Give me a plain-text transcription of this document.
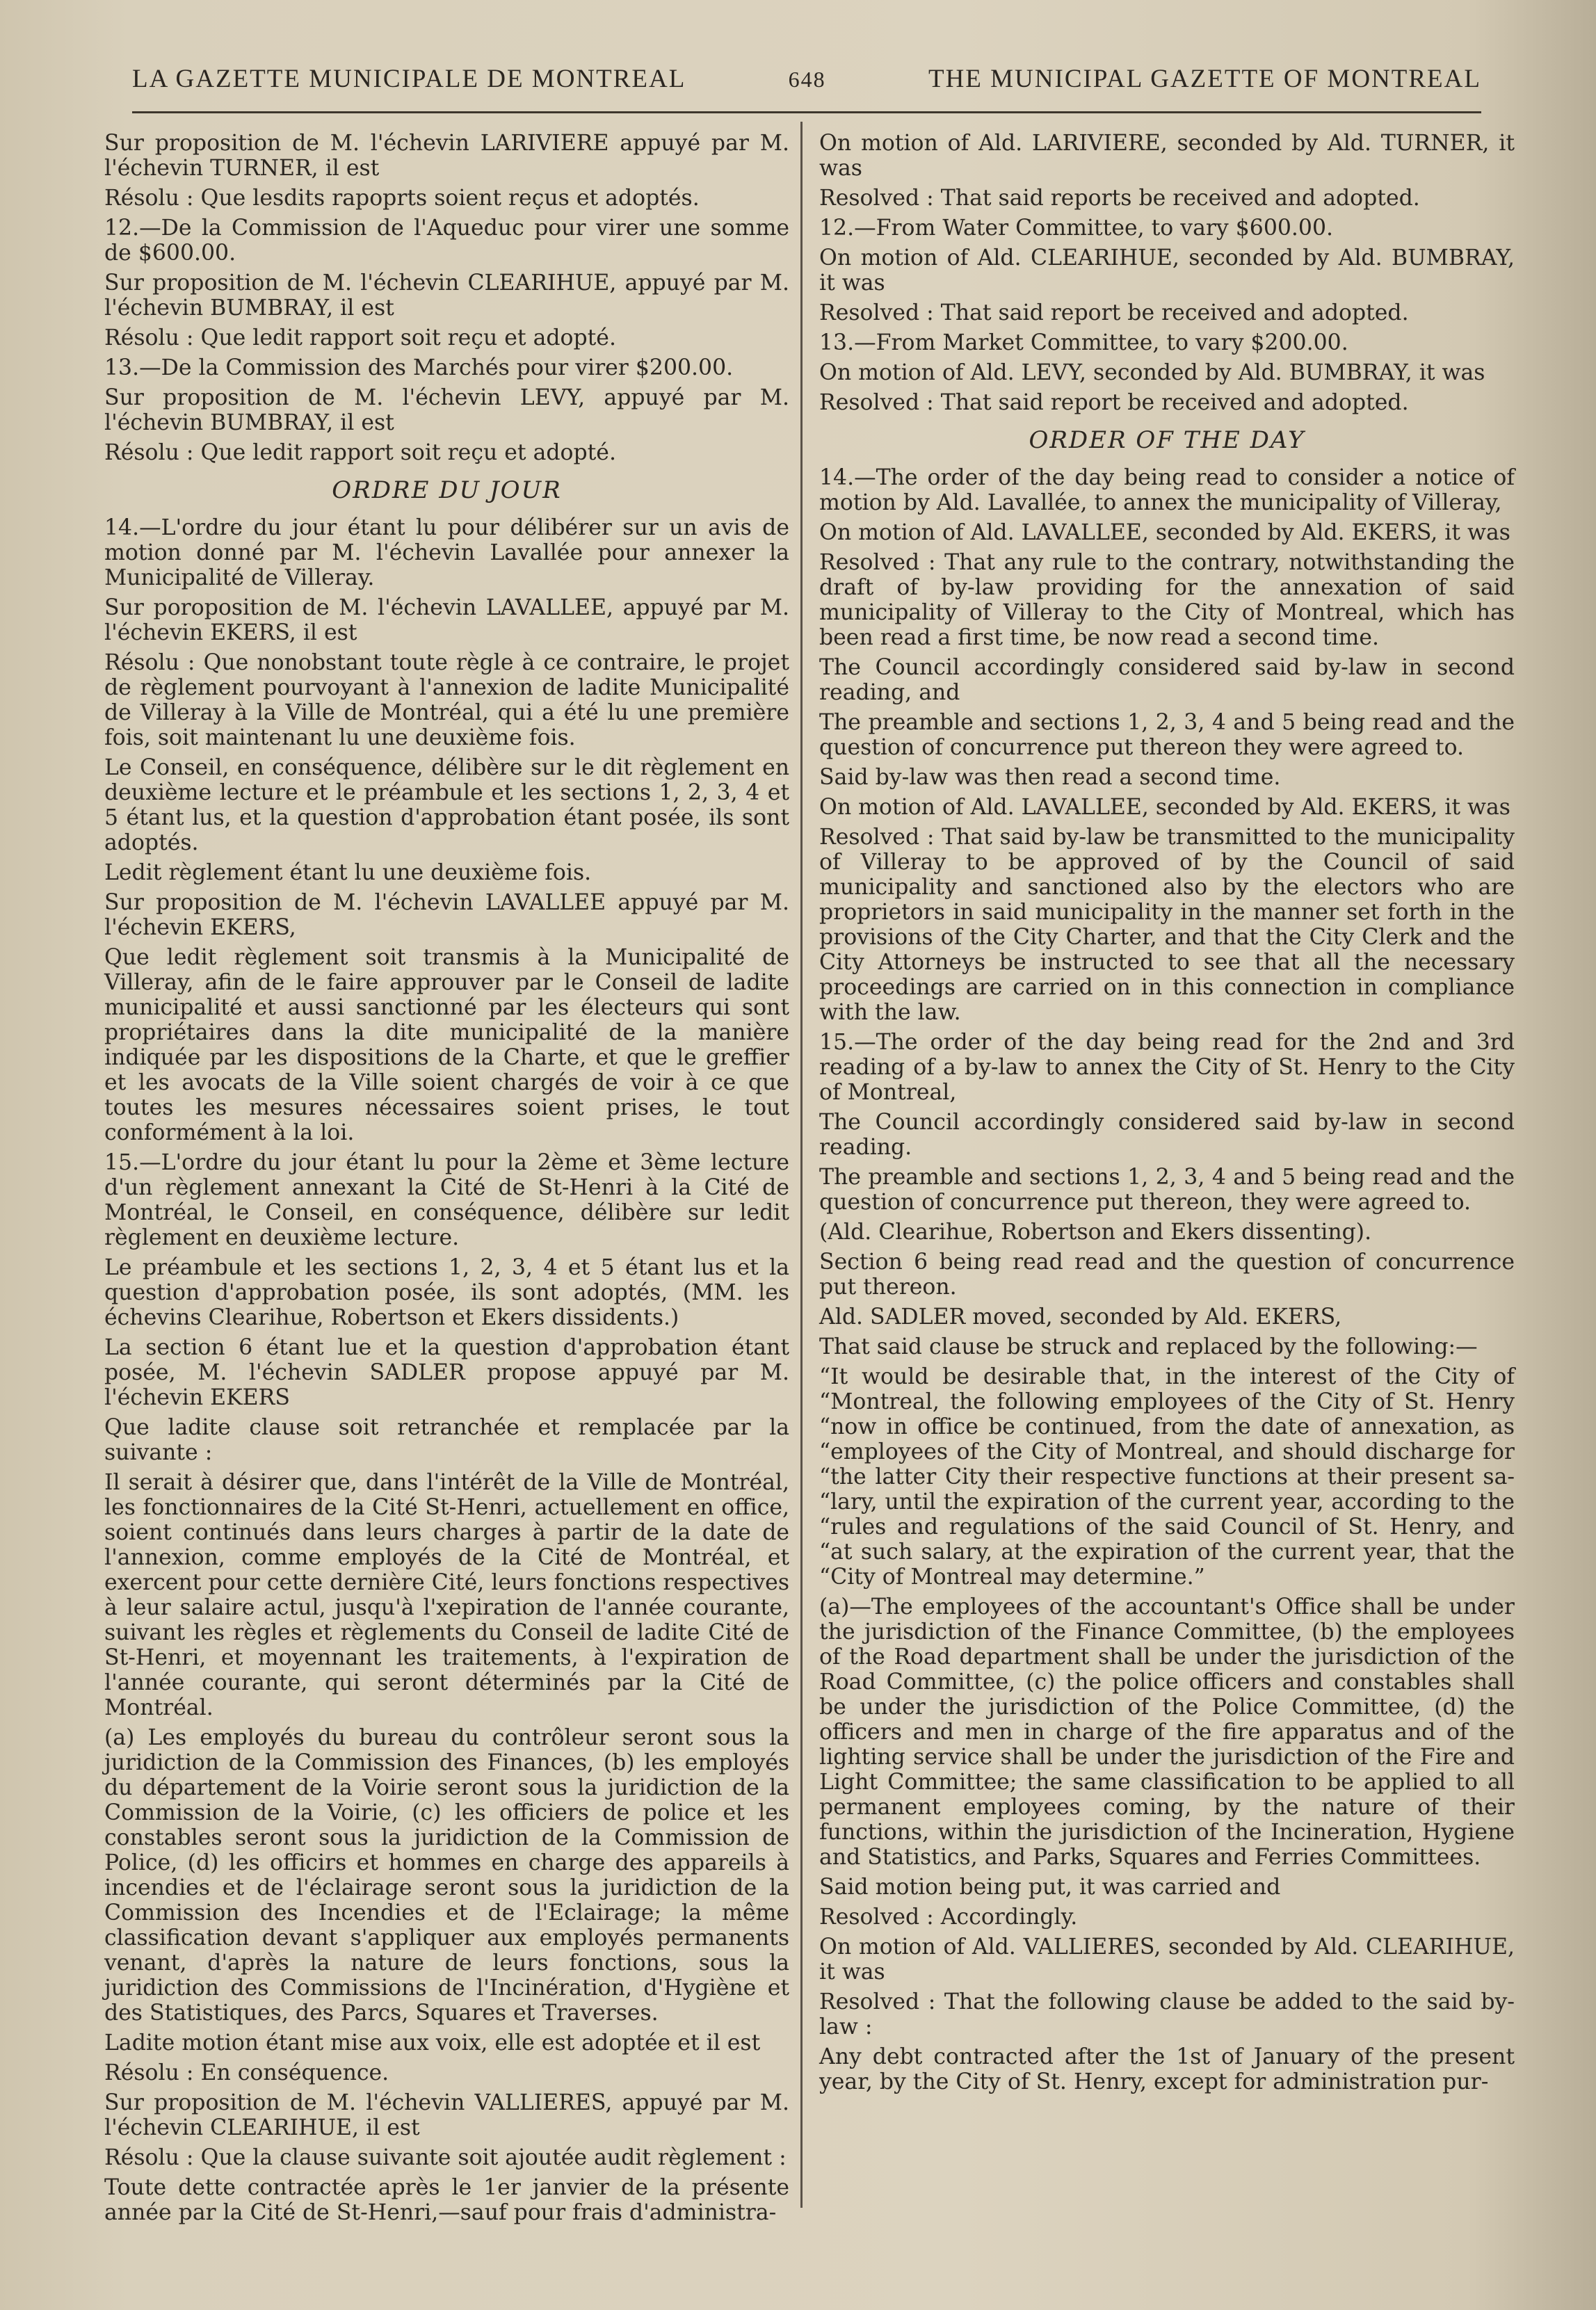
LA GAZETTE MUNICIPALE DE MONTREAL	648	THE MUNICIPAL GAZETTE OF MONTREAL

Sur proposition de M. l'échevin LARIVIERE appuyé par M. l'échevin TURNER, il est

Résolu : Que lesdits rapoprts soient reçus et adoptés.

12.—De la Commission de l'Aqueduc pour virer une somme de $600.00.

Sur proposition de M. l'échevin CLEARIHUE, appuyé par M. l'échevin BUMBRAY, il est

Résolu : Que ledit rapport soit reçu et adopté.

13.—De la Commission des Marchés pour virer $200.00.

Sur proposition de M. l'échevin LEVY, appuyé par M. l'échevin BUMBRAY, il est

Résolu : Que ledit rapport soit reçu et adopté.

ORDRE DU JOUR

14.—L'ordre du jour étant lu pour délibérer sur un avis de motion donné par M. l'échevin Lavallée pour annexer la Municipalité de Villeray.

Sur poroposition de M. l'échevin LAVALLEE, appuyé par M. l'échevin EKERS, il est

Résolu : Que nonobstant toute règle à ce contraire, le projet de règlement pourvoyant à l'annexion de ladite Municipalité de Villeray à la Ville de Montréal, qui a été lu une première fois, soit maintenant lu une deuxième fois.

Le Conseil, en conséquence, délibère sur le dit règlement en deuxième lecture et le préambule et les sections 1, 2, 3, 4 et 5 étant lus, et la question d'approbation étant posée, ils sont adoptés.

Ledit règlement étant lu une deuxième fois.

Sur proposition de M. l'échevin LAVALLEE appuyé par M. l'échevin EKERS,

Que ledit règlement soit transmis à la Municipalité de Villeray, afin de le faire approuver par le Conseil de ladite municipalité et aussi sanctionné par les électeurs qui sont propriétaires dans la dite municipalité de la manière indiquée par les dispositions de la Charte, et que le greffier et les avocats de la Ville soient chargés de voir à ce que toutes les mesures nécessaires soient prises, le tout conformément à la loi.

15.—L'ordre du jour étant lu pour la 2ème et 3ème lecture d'un règlement annexant la Cité de St-Henri à la Cité de Montréal, le Conseil, en conséquence, délibère sur ledit règlement en deuxième lecture.

Le préambule et les sections 1, 2, 3, 4 et 5 étant lus et la question d'approbation posée, ils sont adoptés, (MM. les échevins Clearihue, Robertson et Ekers dissidents.)

La section 6 étant lue et la question d'approbation étant posée, M. l'échevin SADLER propose appuyé par M. l'échevin EKERS

Que ladite clause soit retranchée et remplacée par la suivante :

Il serait à désirer que, dans l'intérêt de la Ville de Montréal, les fonctionnaires de la Cité St-Henri, actuellement en office, soient continués dans leurs charges à partir de la date de l'annexion, comme employés de la Cité de Montréal, et exercent pour cette dernière Cité, leurs fonctions respectives à leur salaire actul, jusqu'à l'xepiration de l'année courante, suivant les règles et règlements du Conseil de ladite Cité de St-Henri, et moyennant les traitements, à l'expiration de l'année courante, qui seront déterminés par la Cité de Montréal.

(a) Les employés du bureau du contrôleur seront sous la juridiction de la Commission des Finances, (b) les employés du département de la Voirie seront sous la juridiction de la Commission de la Voirie, (c) les officiers de police et les constables seront sous la juridiction de la Commission de Police, (d) les officirs et hommes en charge des appareils à incendies et de l'éclairage seront sous la juridiction de la Commission des Incendies et de l'Eclairage; la même classification devant s'appliquer aux employés permanents venant, d'après la nature de leurs fonctions, sous la juridiction des Commissions de l'Incinération, d'Hygiène et des Statistiques, des Parcs, Squares et Traverses.

Ladite motion étant mise aux voix, elle est adoptée et il est

Résolu : En conséquence.

Sur proposition de M. l'échevin VALLIERES, appuyé par M. l'échevin CLEARIHUE, il est

Résolu : Que la clause suivante soit ajoutée audit règlement :

Toute dette contractée après le 1er janvier de la présente année par la Cité de St-Henri,—sauf pour frais d'administra-

On motion of Ald. LARIVIERE, seconded by Ald. TURNER, it was

Resolved : That said reports be received and adopted.

12.—From Water Committee, to vary $600.00.

On motion of Ald. CLEARIHUE, seconded by Ald. BUMBRAY, it was

Resolved : That said report be received and adopted.

13.—From Market Committee, to vary $200.00.

On motion of Ald. LEVY, seconded by Ald. BUMBRAY, it was

Resolved : That said report be received and adopted.

ORDER OF THE DAY

14.—The order of the day being read to consider a notice of motion by Ald. Lavallée, to annex the municipality of Villeray,

On motion of Ald. LAVALLEE, seconded by Ald. EKERS, it was

Resolved : That any rule to the contrary, notwithstanding the draft of by-law providing for the annexation of said municipality of Villeray to the City of Montreal, which has been read a first time, be now read a second time.

The Council accordingly considered said by-law in second reading, and

The preamble and sections 1, 2, 3, 4 and 5 being read and the question of concurrence put thereon they were agreed to.

Said by-law was then read a second time.

On motion of Ald. LAVALLEE, seconded by Ald. EKERS, it was

Resolved : That said by-law be transmitted to the municipality of Villeray to be approved of by the Council of said municipality and sanctioned also by the electors who are proprietors in said municipality in the manner set forth in the provisions of the City Charter, and that the City Clerk and the City Attorneys be instructed to see that all the necessary proceedings are carried on in this connection in compliance with the law.

15.—The order of the day being read for the 2nd and 3rd reading of a by-law to annex the City of St. Henry to the City of Montreal,

The Council accordingly considered said by-law in second reading.

The preamble and sections 1, 2, 3, 4 and 5 being read and the question of concurrence put thereon, they were agreed to.

(Ald. Clearihue, Robertson and Ekers dissenting).

Section 6 being read read and the question of concurrence put thereon.

Ald. SADLER moved, seconded by Ald. EKERS,

That said clause be struck and replaced by the following:—

“It would be desirable that, in the interest of the City of “Montreal, the following employees of the City of St. Henry “now in office be continued, from the date of annexation, as “employees of the City of Montreal, and should discharge for “the latter City their respective functions at their present sa- “lary, until the expiration of the current year, according to the “rules and regulations of the said Council of St. Henry, and “at such salary, at the expiration of the current year, that the “City of Montreal may determine.”

(a)—The employees of the accountant's Office shall be under the jurisdiction of the Finance Committee, (b) the employees of the Road department shall be under the jurisdiction of the Road Committee, (c) the police officers and constables shall be under the jurisdiction of the Police Committee, (d) the officers and men in charge of the fire apparatus and of the lighting service shall be under the jurisdiction of the Fire and Light Committee; the same classification to be applied to all permanent employees coming, by the nature of their functions, within the jurisdiction of the Incineration, Hygiene and Statistics, and Parks, Squares and Ferries Committees.

Said motion being put, it was carried and

Resolved : Accordingly.

On motion of Ald. VALLIERES, seconded by Ald. CLEARIHUE, it was

Resolved : That the following clause be added to the said by-law :

Any debt contracted after the 1st of January of the present year, by the City of St. Henry, except for administration pur-
